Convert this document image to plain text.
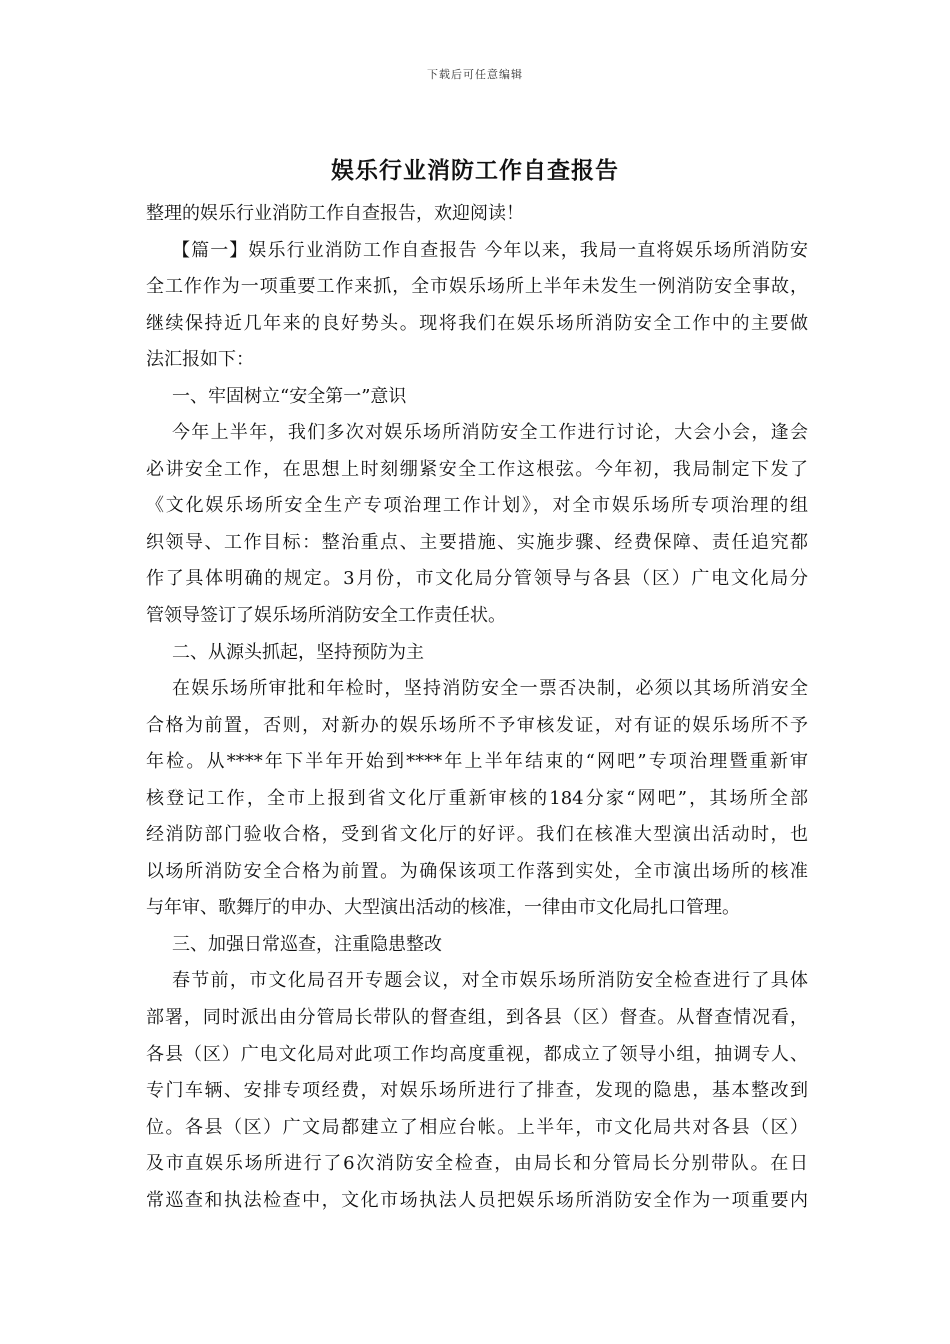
下载后可任意编辑
娱乐行业消防工作自查报告
整理的娱乐行业消防工作自查报告，欢迎阅读！
【篇一】娱乐行业消防工作自查报告 今年以来，我局一直将娱乐场所消防安
全工作作为一项重要工作来抓，全市娱乐场所上半年未发生一例消防安全事故，
继续保持近几年来的良好势头。现将我们在娱乐场所消防安全工作中的主要做
法汇报如下：
一、牢固树立“安全第一”意识
今年上半年，我们多次对娱乐场所消防安全工作进行讨论，大会小会，逢会
必讲安全工作，在思想上时刻绷紧安全工作这根弦。今年初，我局制定下发了
《文化娱乐场所安全生产专项治理工作计划》，对全市娱乐场所专项治理的组
织领导、工作目标：整治重点、主要措施、实施步骤、经费保障、责任追究都
作了具体明确的规定。3月份，市文化局分管领导与各县（区）广电文化局分
管领导签订了娱乐场所消防安全工作责任状。
二、从源头抓起，坚持预防为主
在娱乐场所审批和年检时，坚持消防安全一票否决制，必须以其场所消安全
合格为前置，否则，对新办的娱乐场所不予审核发证，对有证的娱乐场所不予
年检。从****年下半年开始到****年上半年结束的“网吧”专项治理暨重新审
核登记工作，全市上报到省文化厅重新审核的184分家“网吧”，其场所全部
经消防部门验收合格，受到省文化厅的好评。我们在核准大型演出活动时，也
以场所消防安全合格为前置。为确保该项工作落到实处，全市演出场所的核准
与年审、歌舞厅的申办、大型演出活动的核准，一律由市文化局扎口管理。
三、加强日常巡查，注重隐患整改
春节前，市文化局召开专题会议，对全市娱乐场所消防安全检查进行了具体
部署，同时派出由分管局长带队的督查组，到各县（区）督查。从督查情况看，
各县（区）广电文化局对此项工作均高度重视，都成立了领导小组，抽调专人、
专门车辆、安排专项经费，对娱乐场所进行了排查，发现的隐患，基本整改到
位。各县（区）广文局都建立了相应台帐。上半年，市文化局共对各县（区）
及市直娱乐场所进行了6次消防安全检查，由局长和分管局长分别带队。在日
常巡查和执法检查中，文化市场执法人员把娱乐场所消防安全作为一项重要内
